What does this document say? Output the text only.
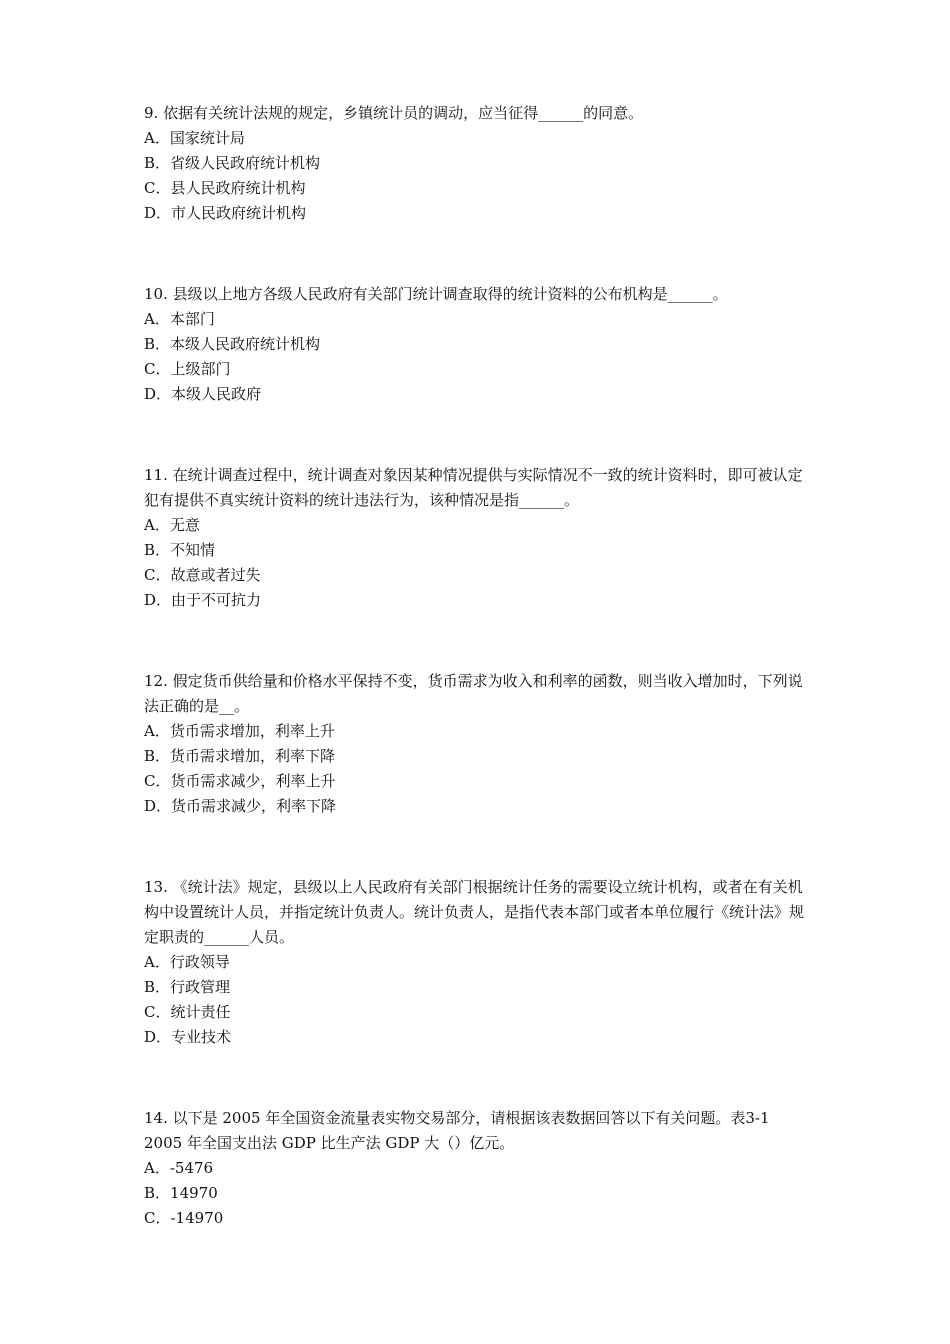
9. 依据有关统计法规的规定，乡镇统计员的调动，应当征得______的同意。

A．国家统计局

B．省级人民政府统计机构

C．县人民政府统计机构

D．市人民政府统计机构

10. 县级以上地方各级人民政府有关部门统计调查取得的统计资料的公布机构是______。

A．本部门

B．本级人民政府统计机构

C．上级部门

D．本级人民政府

11. 在统计调查过程中，统计调查对象因某种情况提供与实际情况不一致的统计资料时，即可被认定犯有提供不真实统计资料的统计违法行为，该种情况是指______。

A．无意

B．不知情

C．故意或者过失

D．由于不可抗力

12. 假定货币供给量和价格水平保持不变，货币需求为收入和利率的函数，则当收入增加时，下列说法正确的是__。

A．货币需求增加，利率上升

B．货币需求增加，利率下降

C．货币需求减少，利率上升

D．货币需求减少，利率下降

13. 《统计法》规定，县级以上人民政府有关部门根据统计任务的需要设立统计机构，或者在有关机构中设置统计人员，并指定统计负责人。统计负责人，是指代表本部门或者本单位履行《统计法》规定职责的______人员。

A．行政领导

B．行政管理

C．统计责任

D．专业技术

14. 以下是 2005 年全国资金流量表实物交易部分，请根据该表数据回答以下有关问题。表3-1 2005 年全国支出法 GDP 比生产法 GDP 大（）亿元。

A．-5476

B．14970

C．-14970
